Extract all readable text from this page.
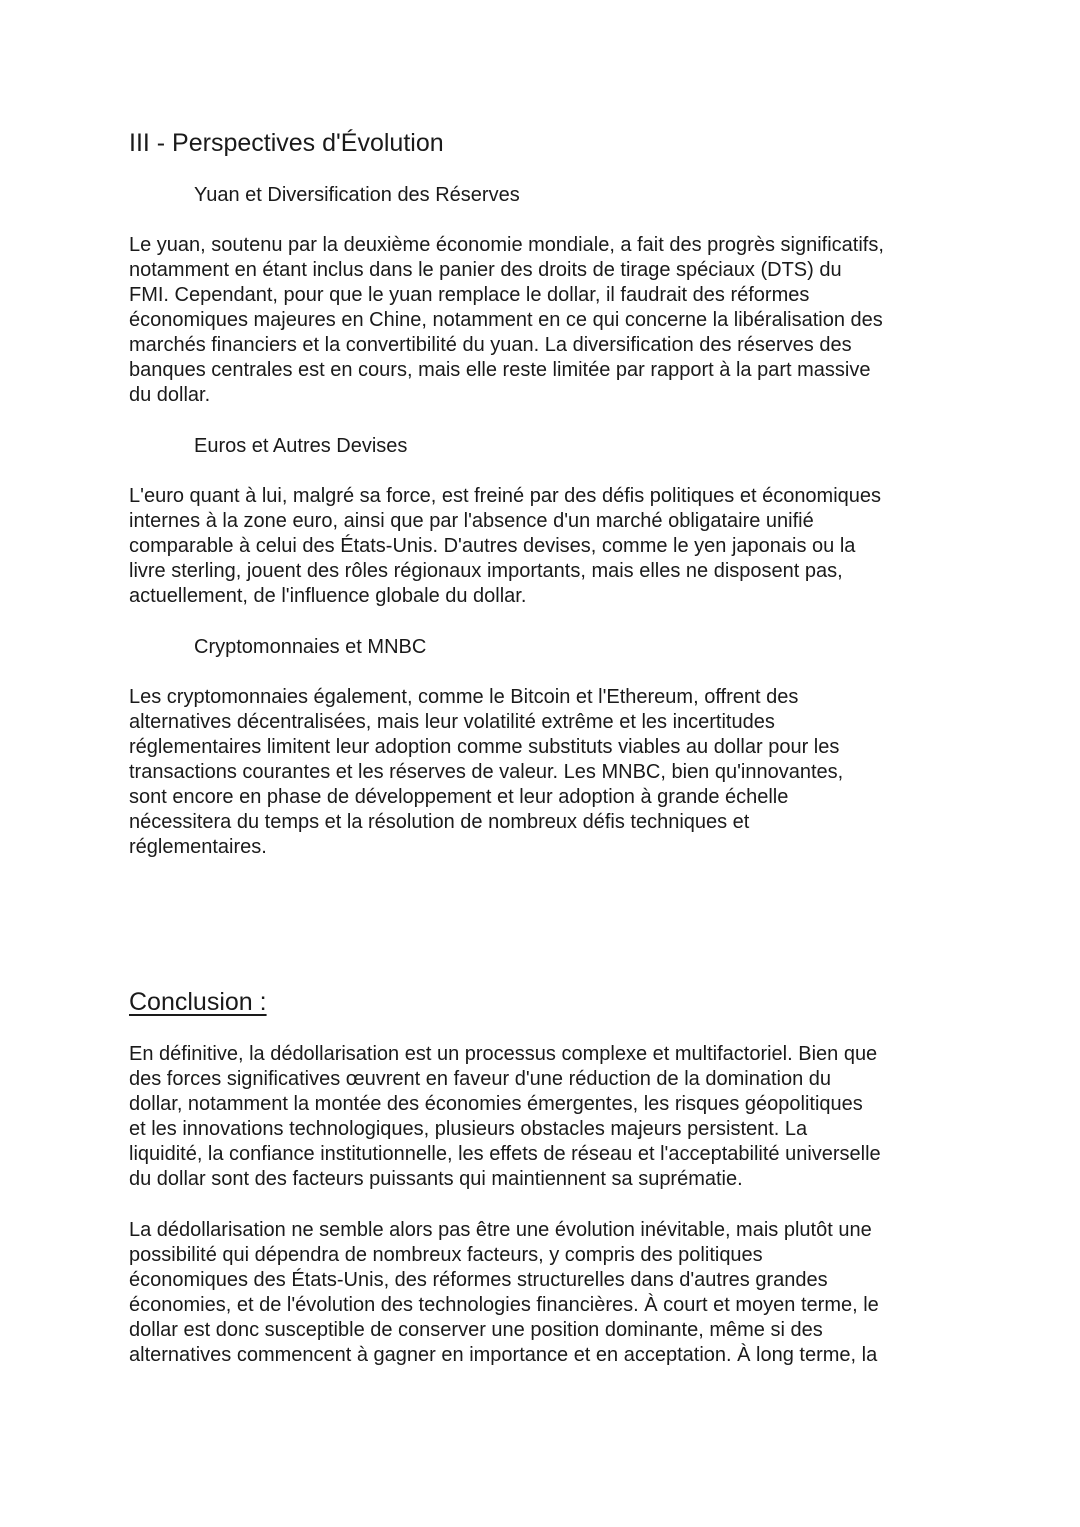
III - Perspectives d'Évolution
Yuan et Diversification des Réserves

Le yuan, soutenu par la deuxième économie mondiale, a fait des progrès significatifs,
notamment en étant inclus dans le panier des droits de tirage spéciaux (DTS) du
FMI. Cependant, pour que le yuan remplace le dollar, il faudrait des réformes
économiques majeures en Chine, notamment en ce qui concerne la libéralisation des
marchés financiers et la convertibilité du yuan. La diversification des réserves des
banques centrales est en cours, mais elle reste limitée par rapport à la part massive
du dollar.

Euros et Autres Devises

L'euro quant à lui, malgré sa force, est freiné par des défis politiques et économiques
internes à la zone euro, ainsi que par l'absence d'un marché obligataire unifié
comparable à celui des États-Unis. D'autres devises, comme le yen japonais ou la
livre sterling, jouent des rôles régionaux importants, mais elles ne disposent pas,
actuellement, de l'influence globale du dollar.

Cryptomonnaies et MNBC

Les cryptomonnaies également, comme le Bitcoin et l'Ethereum, offrent des
alternatives décentralisées, mais leur volatilité extrême et les incertitudes
réglementaires limitent leur adoption comme substituts viables au dollar pour les
transactions courantes et les réserves de valeur. Les MNBC, bien qu'innovantes,
sont encore en phase de développement et leur adoption à grande échelle
nécessitera du temps et la résolution de nombreux défis techniques et
réglementaires.

Conclusion :

En définitive, la dédollarisation est un processus complexe et multifactoriel. Bien que
des forces significatives œuvrent en faveur d'une réduction de la domination du
dollar, notamment la montée des économies émergentes, les risques géopolitiques
et les innovations technologiques, plusieurs obstacles majeurs persistent. La
liquidité, la confiance institutionnelle, les effets de réseau et l'acceptabilité universelle
du dollar sont des facteurs puissants qui maintiennent sa suprématie.

La dédollarisation ne semble alors pas être une évolution inévitable, mais plutôt une
possibilité qui dépendra de nombreux facteurs, y compris des politiques
économiques des États-Unis, des réformes structurelles dans d'autres grandes
économies, et de l'évolution des technologies financières. À court et moyen terme, le
dollar est donc susceptible de conserver une position dominante, même si des
alternatives commencent à gagner en importance et en acceptation. À long terme, la
